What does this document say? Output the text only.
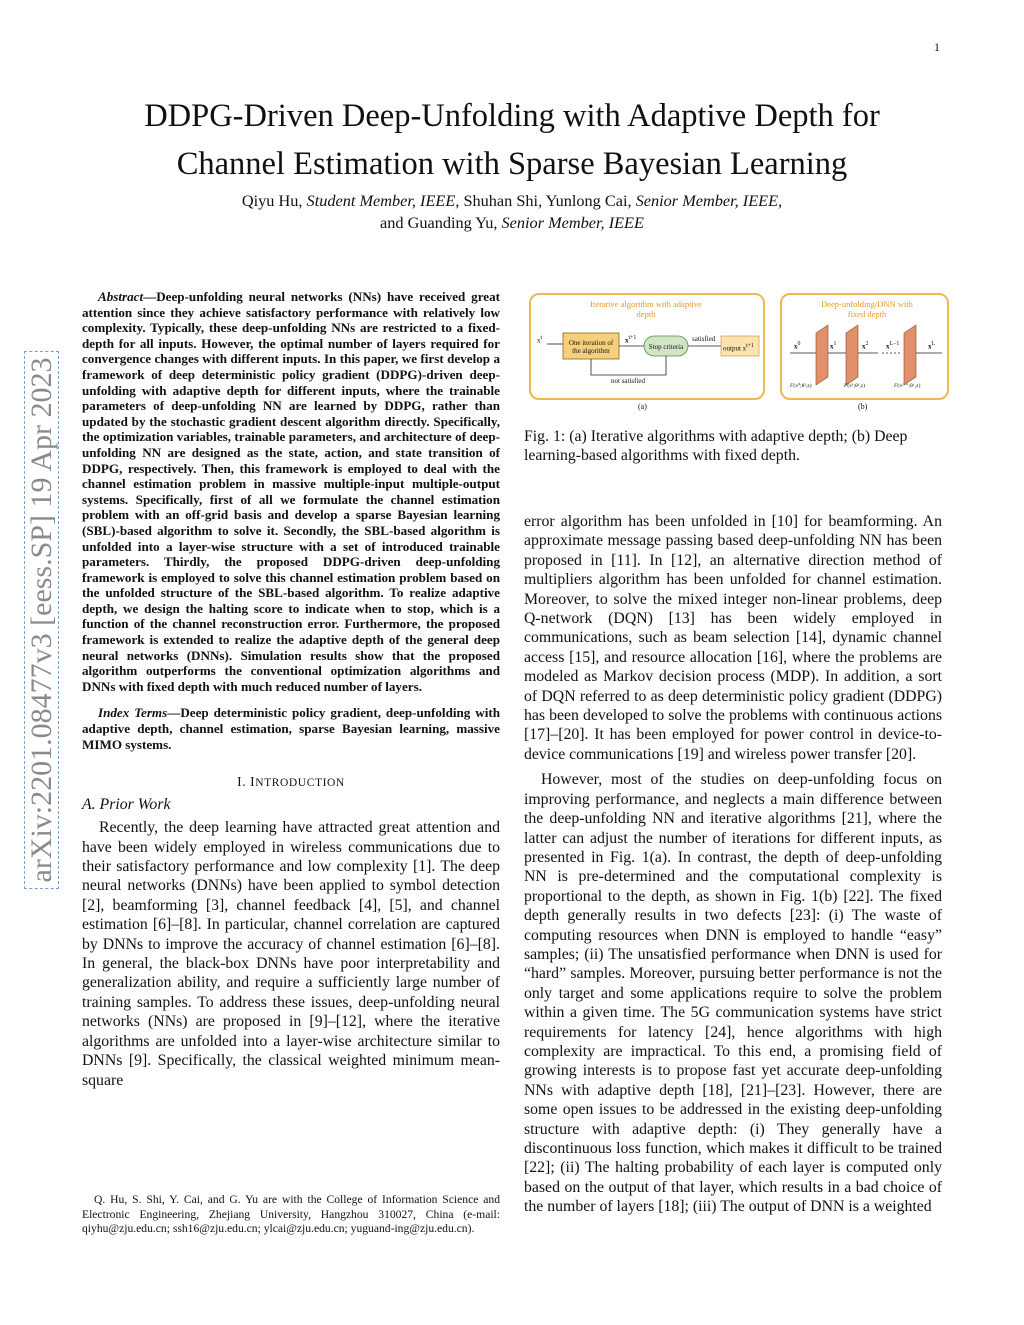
1
arXiv:2201.08477v3 [eess.SP] 19 Apr 2023
DDPG-Driven Deep-Unfolding with Adaptive Depth for
Channel Estimation with Sparse Bayesian Learning
Qiyu Hu, Student Member, IEEE, Shuhan Shi, Yunlong Cai, Senior Member, IEEE,
and Guanding Yu, Senior Member, IEEE

Abstract—Deep-unfolding neural networks (NNs) have received great attention since they achieve satisfactory performance with relatively low complexity. Typically, these deep-unfolding NNs are restricted to a fixed-depth for all inputs. However, the optimal number of layers required for convergence changes with different inputs. In this paper, we first develop a framework of deep deterministic policy gradient (DDPG)-driven deep-unfolding with adaptive depth for different inputs, where the trainable parameters of deep-unfolding NN are learned by DDPG, rather than updated by the stochastic gradient descent algorithm directly. Specifically, the optimization variables, trainable parameters, and architecture of deep-unfolding NN are designed as the state, action, and state transition of DDPG, respectively. Then, this framework is employed to deal with the channel estimation problem in massive multiple-input multiple-output systems. Specifically, first of all we formulate the channel estimation problem with an off-grid basis and develop a sparse Bayesian learning (SBL)-based algorithm to solve it. Secondly, the SBL-based algorithm is unfolded into a layer-wise structure with a set of introduced trainable parameters. Thirdly, the proposed DDPG-driven deep-unfolding framework is employed to solve this channel estimation problem based on the unfolded structure of the SBL-based algorithm. To realize adaptive depth, we design the halting score to indicate when to stop, which is a function of the channel reconstruction error. Furthermore, the proposed framework is extended to realize the adaptive depth of the general deep neural networks (DNNs). Simulation results show that the proposed algorithm outperforms the conventional optimization algorithms and DNNs with fixed depth with much reduced number of layers.

Index Terms—Deep deterministic policy gradient, deep-unfolding with adaptive depth, channel estimation, sparse Bayesian learning, massive MIMO systems.

I. INTRODUCTION
A. Prior Work

Recently, the deep learning have attracted great attention and have been widely employed in wireless communications due to their satisfactory performance and low complexity [1]. The deep neural networks (DNNs) have been applied to symbol detection [2], beamforming [3], channel feedback [4], [5], and channel estimation [6]–[8]. In particular, channel correlation are captured by DNNs to improve the accuracy of channel estimation [6]–[8]. In general, the black-box DNNs have poor interpretability and generalization ability, and require a sufficiently large number of training samples. To address these issues, deep-unfolding neural networks (NNs) are proposed in [9]–[12], where the iterative algorithms are unfolded into a layer-wise architecture similar to DNNs [9]. Specifically, the classical weighted minimum mean-square

Q. Hu, S. Shi, Y. Cai, and G. Yu are with the College of Information Science and Electronic Engineering, Zhejiang University, Hangzhou 310027, China (e-mail: qiyhu@zju.edu.cn; ssh16@zju.edu.cn; ylcai@zju.edu.cn; yuguand-ing@zju.edu.cn).
Iterative algorithm with adaptive depth
$x^t$
One iteration of the algorithm
$x^{t+1}$
Stop criteria
satisfied
output $x^{t+1}$
not satisfied
(a)
Deep-unfolding/DNN with fixed depth
$x^0$	$x^1$	$x^2$	$x^{L-1}$	$x^L$
F(x⁰;θ¹,z)	F(x¹;θ²,z)	F(xᴸ⁻¹;θᴸ,z)
(b)
Fig. 1: (a) Iterative algorithms with adaptive depth; (b) Deep learning-based algorithms with fixed depth.

error algorithm has been unfolded in [10] for beamforming. An approximate message passing based deep-unfolding NN has been proposed in [11]. In [12], an alternative direction method of multipliers algorithm has been unfolded for channel estimation. Moreover, to solve the mixed integer non-linear problems, deep Q-network (DQN) [13] has been widely employed in communications, such as beam selection [14], dynamic channel access [15], and resource allocation [16], where the problems are modeled as Markov decision process (MDP). In addition, a sort of DQN referred to as deep deterministic policy gradient (DDPG) has been developed to solve the problems with continuous actions [17]–[20]. It has been employed for power control in device-to-device communications [19] and wireless power transfer [20].

However, most of the studies on deep-unfolding focus on improving performance, and neglects a main difference between the deep-unfolding NN and iterative algorithms [21], where the latter can adjust the number of iterations for different inputs, as presented in Fig. 1(a). In contrast, the depth of deep-unfolding NN is pre-determined and the computational complexity is proportional to the depth, as shown in Fig. 1(b) [22]. The fixed depth generally results in two defects [23]: (i) The waste of computing resources when DNN is employed to handle “easy” samples; (ii) The unsatisfied performance when DNN is used for “hard” samples. Moreover, pursuing better performance is not the only target and some applications require to solve the problem within a given time. The 5G communication systems have strict requirements for latency [24], hence algorithms with high complexity are impractical. To this end, a promising field of growing interests is to propose fast yet accurate deep-unfolding NNs with adaptive depth [18], [21]–[23]. However, there are some open issues to be addressed in the existing deep-unfolding structure with adaptive depth: (i) They generally have a discontinuous loss function, which makes it difficult to be trained [22]; (ii) The halting probability of each layer is computed only based on the output of that layer, which results in a bad choice of the number of layers [18]; (iii) The output of DNN is a weighted
